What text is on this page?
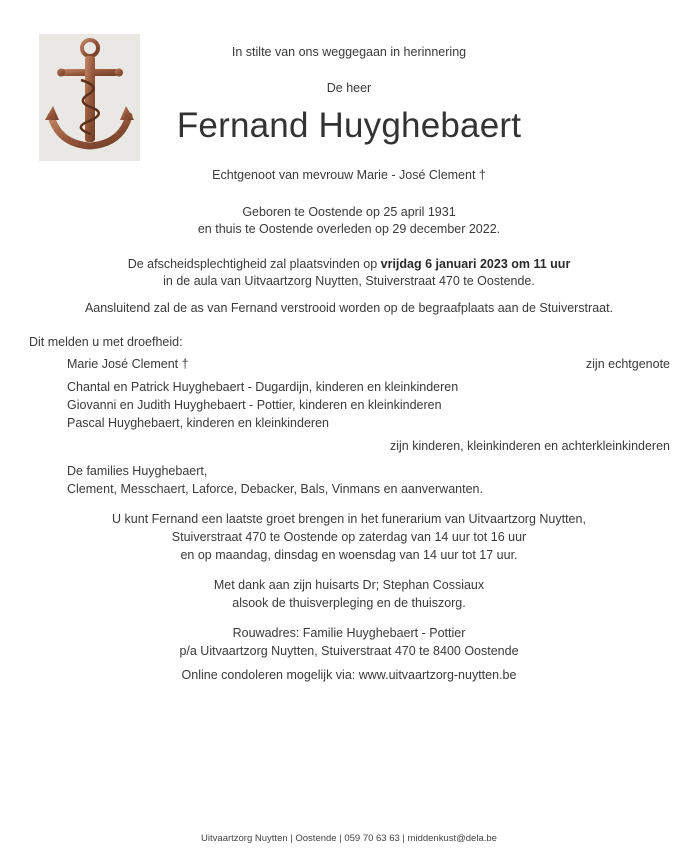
In stilte van ons weggegaan in herinnering
De heer
Fernand Huyghebaert
Echtgenoot van mevrouw Marie - José Clement †
Geboren te Oostende op 25 april 1931
en thuis te Oostende overleden op 29 december 2022.
De afscheidsplechtigheid zal plaatsvinden op vrijdag 6 januari 2023 om 11 uur
in de aula van Uitvaartzorg Nuytten, Stuiverstraat 470 te Oostende.
Aansluitend zal de as van Fernand verstrooid worden op de begraafplaats aan de Stuiverstraat.
Dit melden u met droefheid:
Marie José Clement †	zijn echtgenote
Chantal en Patrick Huyghebaert - Dugardijn, kinderen en kleinkinderen
Giovanni en Judith Huyghebaert - Pottier, kinderen en kleinkinderen
Pascal Huyghebaert, kinderen en kleinkinderen
zijn kinderen, kleinkinderen en achterkleinkinderen
De families Huyghebaert,
Clement, Messchaert, Laforce, Debacker, Bals, Vinmans en aanverwanten.
U kunt Fernand een laatste groet brengen in het funerarium van Uitvaartzorg Nuytten,
Stuiverstraat 470 te Oostende op zaterdag van 14 uur tot 16 uur
en op maandag, dinsdag en woensdag van 14 uur tot 17 uur.
Met dank aan zijn huisarts Dr; Stephan Cossiaux
alsook de thuisverpleging en de thuiszorg.
Rouwadres: Familie Huyghebaert - Pottier
p/a Uitvaartzorg Nuytten, Stuiverstraat 470 te 8400 Oostende
Online condoleren mogelijk via: www.uitvaartzorg-nuytten.be
Uitvaartzorg Nuytten | Oostende | 059 70 63 63 | middenkust@dela.be
